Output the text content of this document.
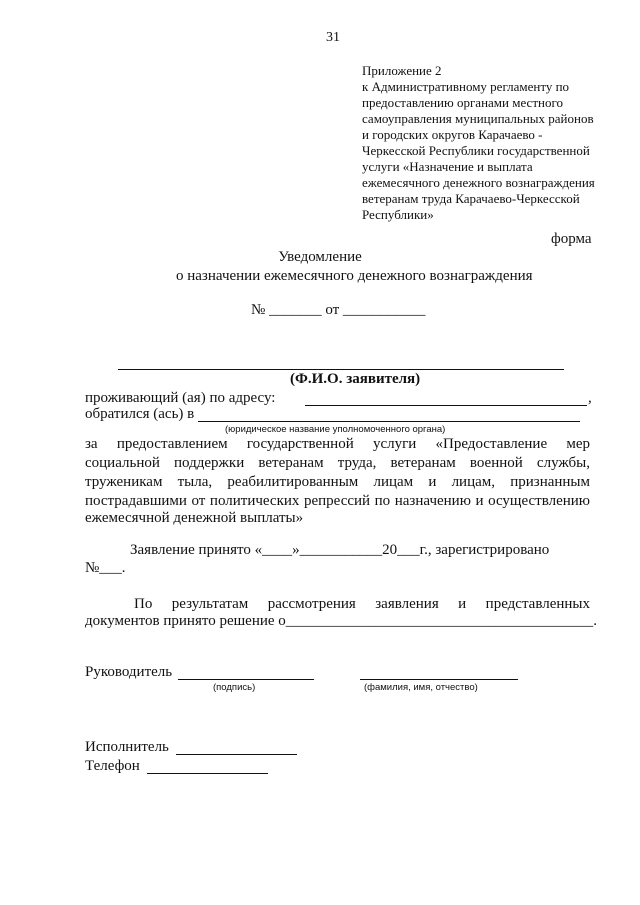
31
Приложение 2
к Административному регламенту по
предоставлению органами местного
самоуправления муниципальных районов
и городских округов Карачаево -
Черкесской Республики государственной
услуги «Назначение и выплата
ежемесячного денежного вознаграждения
ветеранам труда Карачаево-Черкесской
Республики»
форма
Уведомление
о назначении ежемесячного денежного вознаграждения
№ _______ от ___________
(Ф.И.О. заявителя)
проживающий (ая) по адресу:	,
обратился (ась) в
(юридическое название уполномоченного органа)
за предоставлением государственной услуги «Предоставление мер
социальной поддержки ветеранам труда, ветеранам военной службы,
труженикам тыла, реабилитированным лицам и лицам, признанным
пострадавшими от политических репрессий по назначению и осуществлению
ежемесячной денежной выплаты»
Заявление принято «____»___________20___г., зарегистрировано
№___.
По результатам рассмотрения заявления и представленных
документов принято решение о_________________________________________.
Руководитель
(подпись)	(фамилия, имя, отчество)
Исполнитель
Телефон
